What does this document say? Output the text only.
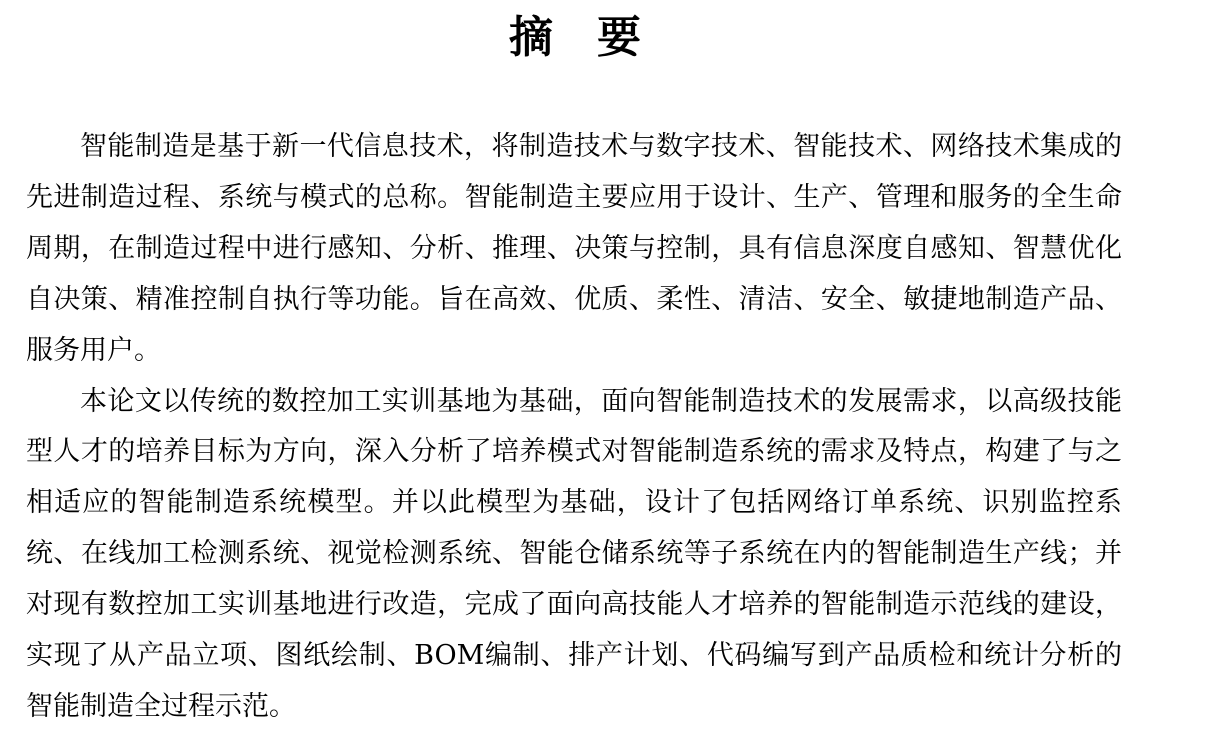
摘要

智能制造是基于新一代信息技术，将制造技术与数字技术、智能技术、网络技术集成的先进制造过程、系统与模式的总称。智能制造主要应用于设计、生产、管理和服务的全生命周期，在制造过程中进行感知、分析、推理、决策与控制，具有信息深度自感知、智慧优化自决策、精准控制自执行等功能。旨在高效、优质、柔性、清洁、安全、敏捷地制造产品、服务用户。

本论文以传统的数控加工实训基地为基础，面向智能制造技术的发展需求，以高级技能型人才的培养目标为方向，深入分析了培养模式对智能制造系统的需求及特点，构建了与之相适应的智能制造系统模型。并以此模型为基础，设计了包括网络订单系统、识别监控系统、在线加工检测系统、视觉检测系统、智能仓储系统等子系统在内的智能制造生产线；并对现有数控加工实训基地进行改造，完成了面向高技能人才培养的智能制造示范线的建设，实现了从产品立项、图纸绘制、BOM编制、排产计划、代码编写到产品质检和统计分析的智能制造全过程示范。
